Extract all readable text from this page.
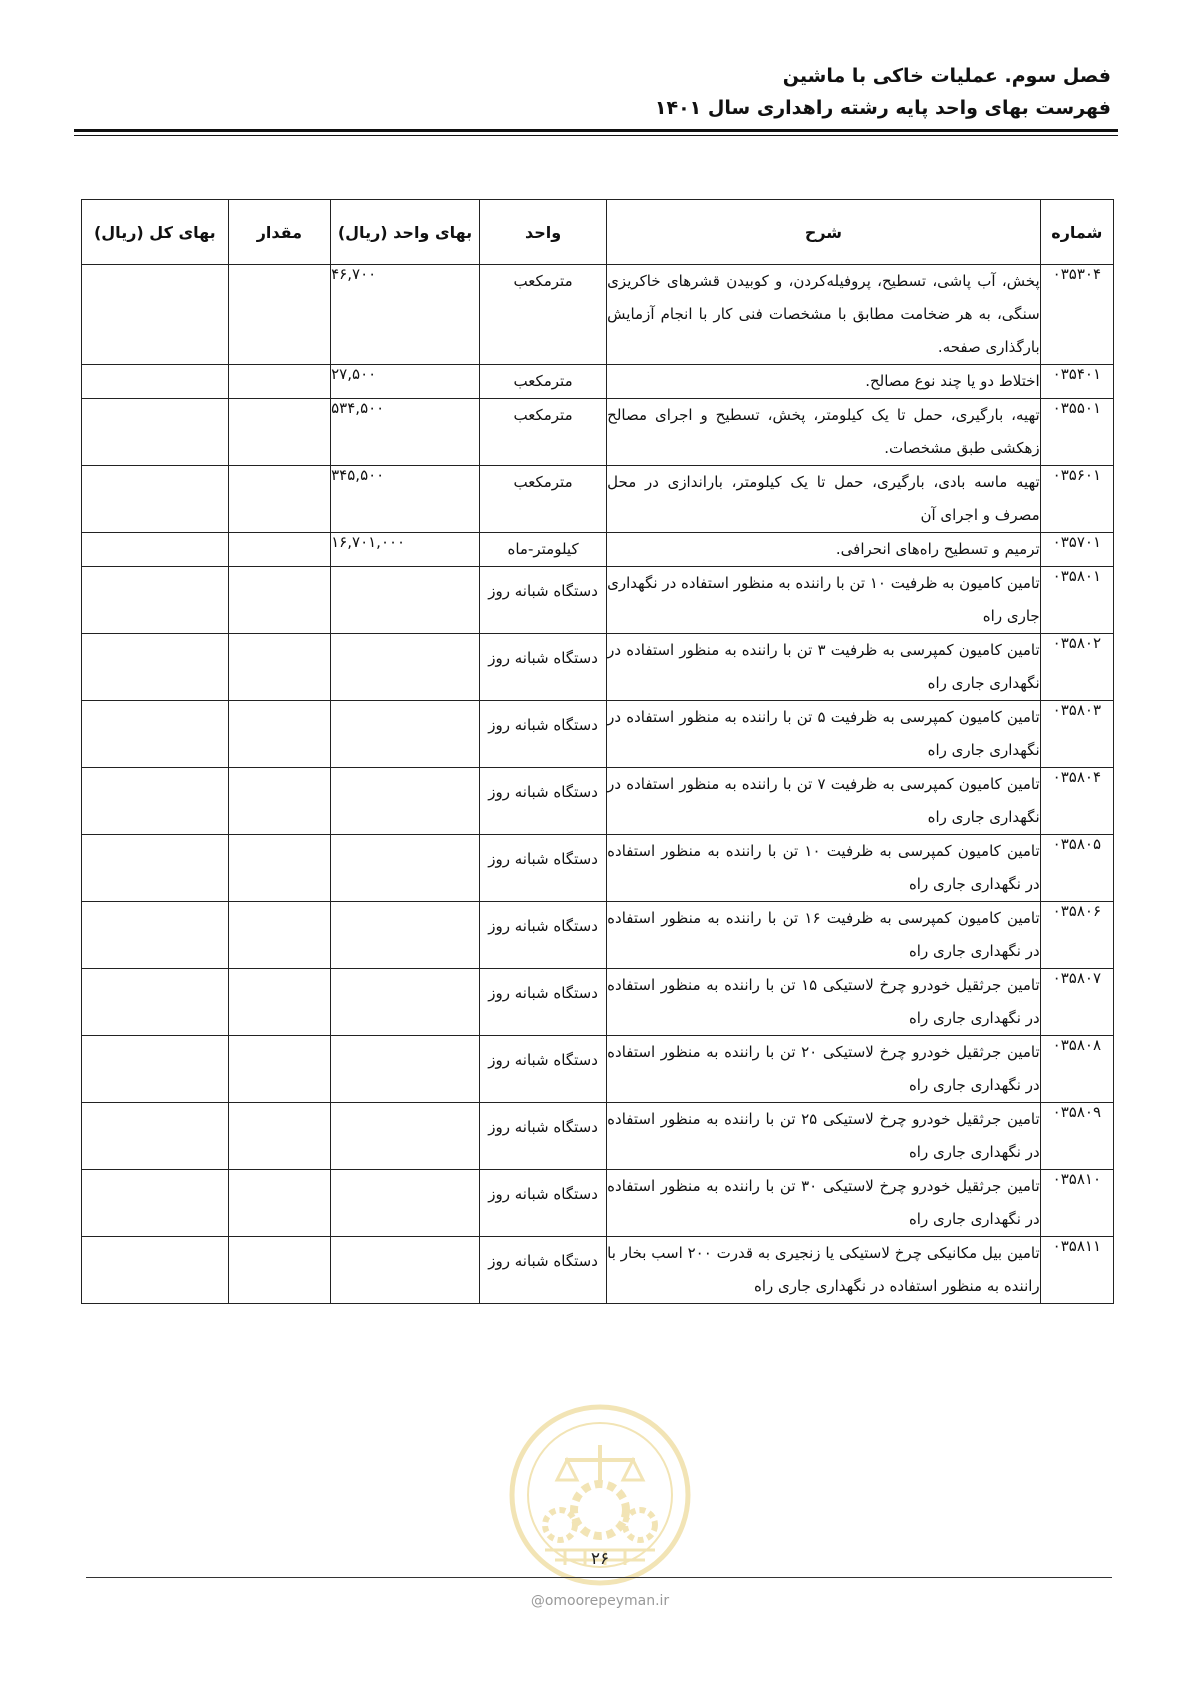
فصل سوم. عملیات خاکی با ماشین
فهرست بهای واحد پایه رشته راهداری سال ۱۴۰۱
شماره	شرح	واحد	بهای واحد (ریال)	مقدار	بهای کل (ریال)
۰۳۵۳۰۴	پخش، آب پاشی، تسطیح، پروفیله‌کردن، و کوبیدن قشرهای خاکریزی سنگی، به هر ضخامت مطابق با مشخصات فنی کار با انجام آزمایش بارگذاری صفحه.	مترمکعب	۴۶,۷۰۰		
۰۳۵۴۰۱	اختلاط دو یا چند نوع مصالح.	مترمکعب	۲۷,۵۰۰		
۰۳۵۵۰۱	تهیه، بارگیری، حمل تا یک کیلومتر، پخش، تسطیح و اجرای مصالح زهکشی طبق مشخصات.	مترمکعب	۵۳۴,۵۰۰		
۰۳۵۶۰۱	تهیه ماسه بادی، بارگیری، حمل تا یک کیلومتر، باراندازی در محل مصرف و اجرای آن	مترمکعب	۳۴۵,۵۰۰		
۰۳۵۷۰۱	ترمیم و تسطیح راه‌های انحرافی.	کیلومتر-ماه	۱۶,۷۰۱,۰۰۰		
۰۳۵۸۰۱	تامین کامیون به ظرفیت ۱۰ تن با راننده به منظور استفاده در نگهداری جاری راه	دستگاه شبانه روز			
۰۳۵۸۰۲	تامین کامیون کمپرسی به ظرفیت ۳ تن با راننده به منظور استفاده در نگهداری جاری راه	دستگاه شبانه روز			
۰۳۵۸۰۳	تامین کامیون کمپرسی به ظرفیت ۵ تن با راننده به منظور استفاده در نگهداری جاری راه	دستگاه شبانه روز			
۰۳۵۸۰۴	تامین کامیون کمپرسی به ظرفیت ۷ تن با راننده به منظور استفاده در نگهداری جاری راه	دستگاه شبانه روز			
۰۳۵۸۰۵	تامین کامیون کمپرسی به ظرفیت ۱۰ تن با راننده به منظور استفاده در نگهداری جاری راه	دستگاه شبانه روز			
۰۳۵۸۰۶	تامین کامیون کمپرسی به ظرفیت ۱۶ تن با راننده به منظور استفاده در نگهداری جاری راه	دستگاه شبانه روز			
۰۳۵۸۰۷	تامین جرثقیل خودرو چرخ لاستیکی ۱۵ تن با راننده به منظور استفاده در نگهداری جاری راه	دستگاه شبانه روز			
۰۳۵۸۰۸	تامین جرثقیل خودرو چرخ لاستیکی ۲۰ تن با راننده به منظور استفاده در نگهداری جاری راه	دستگاه شبانه روز			
۰۳۵۸۰۹	تامین جرثقیل خودرو چرخ لاستیکی ۲۵ تن با راننده به منظور استفاده در نگهداری جاری راه	دستگاه شبانه روز			
۰۳۵۸۱۰	تامین جرثقیل خودرو چرخ لاستیکی ۳۰ تن با راننده به منظور استفاده در نگهداری جاری راه	دستگاه شبانه روز			
۰۳۵۸۱۱	تامین بیل مکانیکی چرخ لاستیکی یا زنجیری به قدرت ۲۰۰ اسب بخار با راننده به منظور استفاده در نگهداری جاری راه	دستگاه شبانه روز			
۲۶
@omoorepeyman.ir
